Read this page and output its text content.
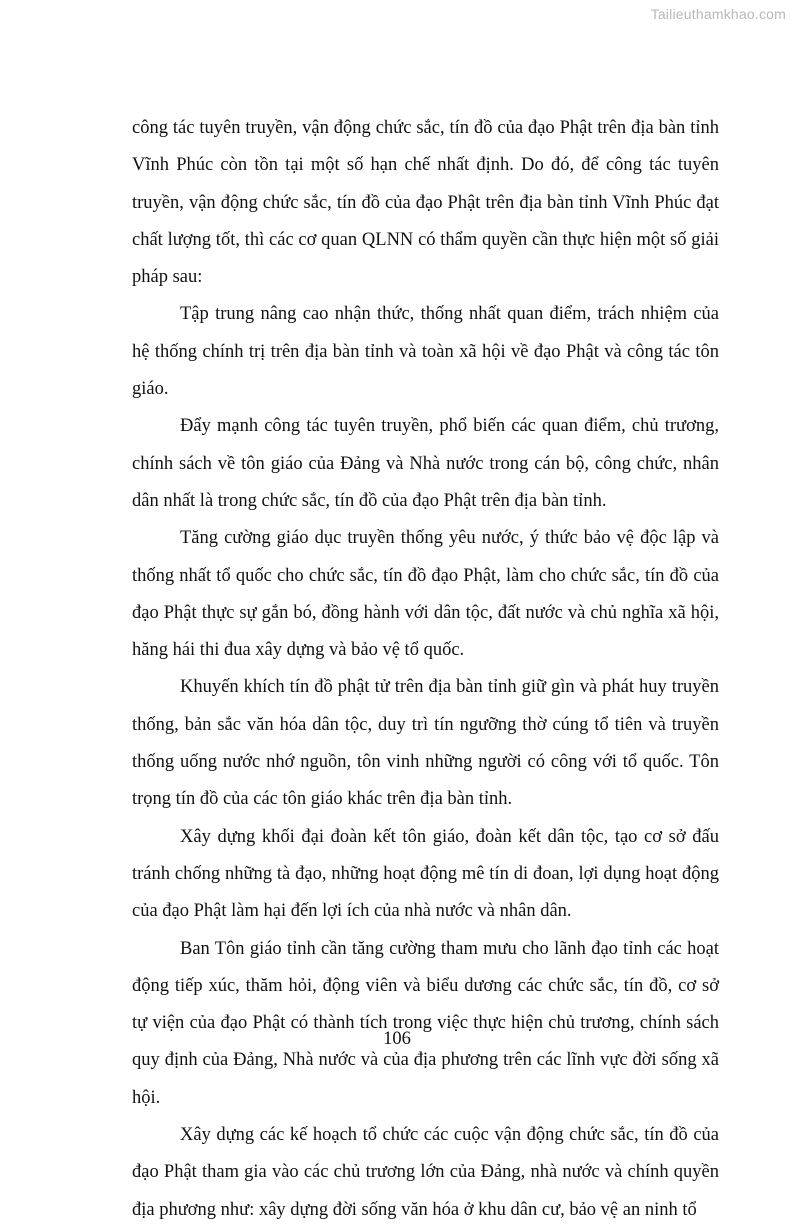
Tailieuthamkhao.com

công tác tuyên truyền, vận động chức sắc, tín đồ của đạo Phật trên địa bàn tỉnh Vĩnh Phúc còn tồn tại một số hạn chế nhất định. Do đó, để công tác tuyên truyền, vận động chức sắc, tín đồ của đạo Phật trên địa bàn tỉnh Vĩnh Phúc đạt chất lượng tốt, thì các cơ quan QLNN có thẩm quyền cần thực hiện một số giải pháp sau:

Tập trung nâng cao nhận thức, thống nhất quan điểm, trách nhiệm của hệ thống chính trị trên địa bàn tỉnh và toàn xã hội về đạo Phật và công tác tôn giáo.

Đẩy mạnh công tác tuyên truyền, phổ biến các quan điểm, chủ trương, chính sách về tôn giáo của Đảng và Nhà nước trong cán bộ, công chức, nhân dân nhất là trong chức sắc, tín đồ của đạo Phật trên địa bàn tỉnh.

Tăng cường giáo dục truyền thống yêu nước, ý thức bảo vệ độc lập và thống nhất tổ quốc cho chức sắc, tín đồ đạo Phật, làm cho chức sắc, tín đồ của đạo Phật thực sự gắn bó, đồng hành với dân tộc, đất nước và chủ nghĩa xã hội, hăng hái thi đua xây dựng và bảo vệ tổ quốc.

Khuyến khích tín đồ phật tử trên địa bàn tỉnh giữ gìn và phát huy truyền thống, bản sắc văn hóa dân tộc, duy trì tín ngưỡng thờ cúng tổ tiên và truyền thống uống nước nhớ nguồn, tôn vinh những người có công với tổ quốc. Tôn trọng tín đồ của các tôn giáo khác trên địa bàn tỉnh.

Xây dựng khối đại đoàn kết tôn giáo, đoàn kết dân tộc, tạo cơ sở đấu tránh chống những tà đạo, những hoạt động mê tín di đoan, lợi dụng hoạt động của đạo Phật làm hại đến lợi ích của nhà nước và nhân dân.

Ban Tôn giáo tỉnh cần tăng cường tham mưu cho lãnh đạo tỉnh các hoạt động tiếp xúc, thăm hỏi, động viên và biểu dương các chức sắc, tín đồ, cơ sở tự viện của đạo Phật có thành tích trong việc thực hiện chủ trương, chính sách quy định của Đảng, Nhà nước và của địa phương trên các lĩnh vực đời sống xã hội.

Xây dựng các kế hoạch tổ chức các cuộc vận động chức sắc, tín đồ của đạo Phật tham gia vào các chủ trương lớn của Đảng, nhà nước và chính quyền địa phương như: xây dựng đời sống văn hóa ở khu dân cư, bảo vệ an ninh tổ

106
